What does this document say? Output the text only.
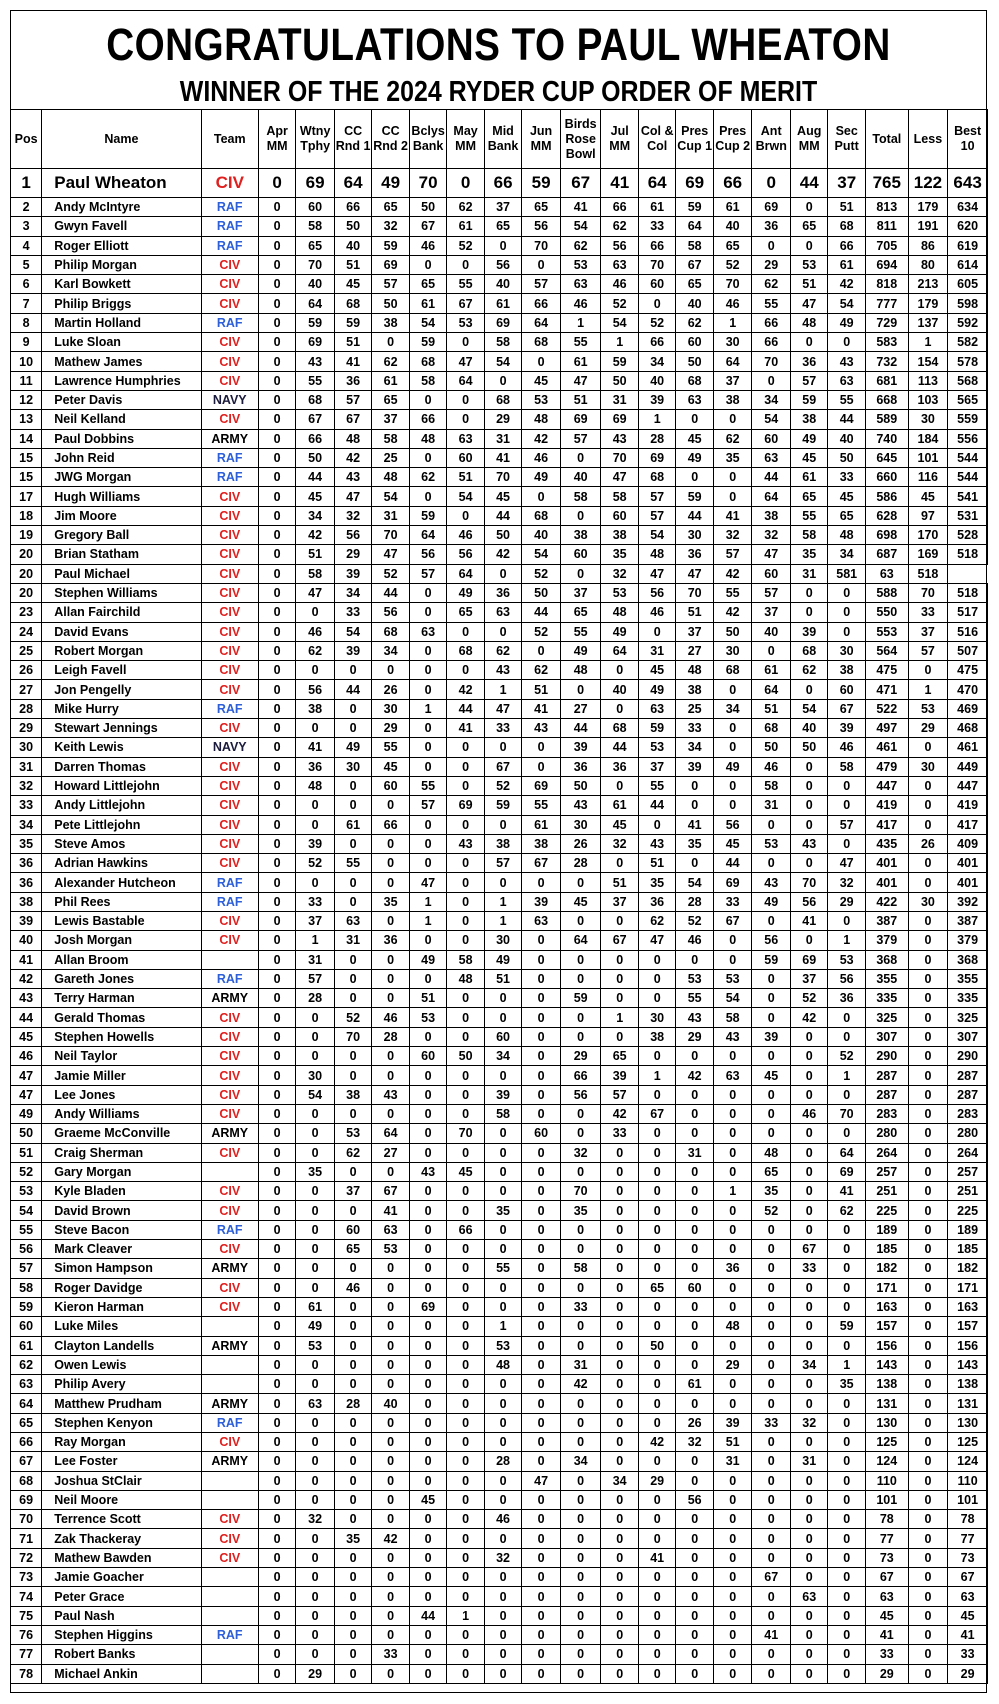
CONGRATULATIONS TO PAUL WHEATON
WINNER OF THE 2024 RYDER CUP ORDER OF MERIT
Pos	Name	Team	Apr MM	Wtny Tphy	CC Rnd 1	CC Rnd 2	Bclys Bank	May MM	Mid Bank	Jun MM	Birds Rose Bowl	Jul MM	Col & Col	Pres Cup 1	Pres Cup 2	Ant Brwn	Aug MM	Sec Putt	Total	Less	Best 10
1	Paul Wheaton	CIV	0	69	64	49	70	0	66	59	67	41	64	69	66	0	44	37	765	122	643
2	Andy McIntyre	RAF	0	60	66	65	50	62	37	65	41	66	61	59	61	69	0	51	813	179	634
3	Gwyn Favell	RAF	0	58	50	32	67	61	65	56	54	62	33	64	40	36	65	68	811	191	620
4	Roger Elliott	RAF	0	65	40	59	46	52	0	70	62	56	66	58	65	0	0	66	705	86	619
5	Philip Morgan	CIV	0	70	51	69	0	0	56	0	53	63	70	67	52	29	53	61	694	80	614
6	Karl Bowkett	CIV	0	40	45	57	65	55	40	57	63	46	60	65	70	62	51	42	818	213	605
7	Philip Briggs	CIV	0	64	68	50	61	67	61	66	46	52	0	40	46	55	47	54	777	179	598
8	Martin Holland	RAF	0	59	59	38	54	53	69	64	1	54	52	62	1	66	48	49	729	137	592
9	Luke Sloan	CIV	0	69	51	0	59	0	58	68	55	1	66	60	30	66	0	0	583	1	582
10	Mathew James	CIV	0	43	41	62	68	47	54	0	61	59	34	50	64	70	36	43	732	154	578
11	Lawrence Humphries	CIV	0	55	36	61	58	64	0	45	47	50	40	68	37	0	57	63	681	113	568
12	Peter Davis	NAVY	0	68	57	65	0	0	68	53	51	31	39	63	38	34	59	55	668	103	565
13	Neil Kelland	CIV	0	67	67	37	66	0	29	48	69	69	1	0	0	54	38	44	589	30	559
14	Paul Dobbins	ARMY	0	66	48	58	48	63	31	42	57	43	28	45	62	60	49	40	740	184	556
15	John Reid	RAF	0	50	42	25	0	60	41	46	0	70	69	49	35	63	45	50	645	101	544
15	JWG Morgan	RAF	0	44	43	48	62	51	70	49	40	47	68	0	0	44	61	33	660	116	544
17	Hugh Williams	CIV	0	45	47	54	0	54	45	0	58	58	57	59	0	64	65	45	586	45	541
18	Jim Moore	CIV	0	34	32	31	59	0	44	68	0	60	57	44	41	38	55	65	628	97	531
19	Gregory Ball	CIV	0	42	56	70	64	46	50	40	38	38	54	30	32	32	58	48	698	170	528
20	Brian Statham	CIV	0	51	29	47	56	56	42	54	60	35	48	36	57	47	35	34	687	169	518
20	Paul Michael	CIV	0	58	39	52	57	64	0	52	0	32	47	47	42	60	31	581	63	518	
20	Stephen Williams	CIV	0	47	34	44	0	49	36	50	37	53	56	70	55	57	0	0	588	70	518
23	Allan Fairchild	CIV	0	0	33	56	0	65	63	44	65	48	46	51	42	37	0	0	550	33	517
24	David Evans	CIV	0	46	54	68	63	0	0	52	55	49	0	37	50	40	39	0	553	37	516
25	Robert Morgan	CIV	0	62	39	34	0	68	62	0	49	64	31	27	30	0	68	30	564	57	507
26	Leigh Favell	CIV	0	0	0	0	0	0	43	62	48	0	45	48	68	61	62	38	475	0	475
27	Jon Pengelly	CIV	0	56	44	26	0	42	1	51	0	40	49	38	0	64	0	60	471	1	470
28	Mike Hurry	RAF	0	38	0	30	1	44	47	41	27	0	63	25	34	51	54	67	522	53	469
29	Stewart Jennings	CIV	0	0	0	29	0	41	33	43	44	68	59	33	0	68	40	39	497	29	468
30	Keith Lewis	NAVY	0	41	49	55	0	0	0	0	39	44	53	34	0	50	50	46	461	0	461
31	Darren Thomas	CIV	0	36	30	45	0	0	67	0	36	36	37	39	49	46	0	58	479	30	449
32	Howard Littlejohn	CIV	0	48	0	60	55	0	52	69	50	0	55	0	0	58	0	0	447	0	447
33	Andy Littlejohn	CIV	0	0	0	0	57	69	59	55	43	61	44	0	0	31	0	0	419	0	419
34	Pete Littlejohn	CIV	0	0	61	66	0	0	0	61	30	45	0	41	56	0	0	57	417	0	417
35	Steve Amos	CIV	0	39	0	0	0	43	38	38	26	32	43	35	45	53	43	0	435	26	409
36	Adrian Hawkins	CIV	0	52	55	0	0	0	57	67	28	0	51	0	44	0	0	47	401	0	401
36	Alexander Hutcheon	RAF	0	0	0	0	47	0	0	0	0	51	35	54	69	43	70	32	401	0	401
38	Phil Rees	RAF	0	33	0	35	1	0	1	39	45	37	36	28	33	49	56	29	422	30	392
39	Lewis Bastable	CIV	0	37	63	0	1	0	1	63	0	0	62	52	67	0	41	0	387	0	387
40	Josh Morgan	CIV	0	1	31	36	0	0	30	0	64	67	47	46	0	56	0	1	379	0	379
41	Allan Broom		0	31	0	0	49	58	49	0	0	0	0	0	0	59	69	53	368	0	368
42	Gareth Jones	RAF	0	57	0	0	0	48	51	0	0	0	0	53	53	0	37	56	355	0	355
43	Terry Harman	ARMY	0	28	0	0	51	0	0	0	59	0	0	55	54	0	52	36	335	0	335
44	Gerald Thomas	CIV	0	0	52	46	53	0	0	0	0	1	30	43	58	0	42	0	325	0	325
45	Stephen Howells	CIV	0	0	70	28	0	0	60	0	0	0	38	29	43	39	0	0	307	0	307
46	Neil Taylor	CIV	0	0	0	0	60	50	34	0	29	65	0	0	0	0	0	52	290	0	290
47	Jamie Miller	CIV	0	30	0	0	0	0	0	0	66	39	1	42	63	45	0	1	287	0	287
47	Lee Jones	CIV	0	54	38	43	0	0	39	0	56	57	0	0	0	0	0	0	287	0	287
49	Andy Williams	CIV	0	0	0	0	0	0	58	0	0	42	67	0	0	0	46	70	283	0	283
50	Graeme McConville	ARMY	0	0	53	64	0	70	0	60	0	33	0	0	0	0	0	0	280	0	280
51	Craig Sherman	CIV	0	0	62	27	0	0	0	0	32	0	0	31	0	48	0	64	264	0	264
52	Gary Morgan		0	35	0	0	43	45	0	0	0	0	0	0	0	65	0	69	257	0	257
53	Kyle Bladen	CIV	0	0	37	67	0	0	0	0	70	0	0	0	1	35	0	41	251	0	251
54	David Brown	CIV	0	0	0	41	0	0	35	0	35	0	0	0	0	52	0	62	225	0	225
55	Steve Bacon	RAF	0	0	60	63	0	66	0	0	0	0	0	0	0	0	0	0	189	0	189
56	Mark Cleaver	CIV	0	0	65	53	0	0	0	0	0	0	0	0	0	0	67	0	185	0	185
57	Simon Hampson	ARMY	0	0	0	0	0	0	55	0	58	0	0	0	36	0	33	0	182	0	182
58	Roger Davidge	CIV	0	0	46	0	0	0	0	0	0	0	65	60	0	0	0	0	171	0	171
59	Kieron Harman	CIV	0	61	0	0	69	0	0	0	33	0	0	0	0	0	0	0	163	0	163
60	Luke Miles		0	49	0	0	0	0	1	0	0	0	0	0	48	0	0	59	157	0	157
61	Clayton Landells	ARMY	0	53	0	0	0	0	53	0	0	0	50	0	0	0	0	0	156	0	156
62	Owen Lewis		0	0	0	0	0	0	48	0	31	0	0	0	29	0	34	1	143	0	143
63	Philip Avery		0	0	0	0	0	0	0	0	42	0	0	61	0	0	0	35	138	0	138
64	Matthew Prudham	ARMY	0	63	28	40	0	0	0	0	0	0	0	0	0	0	0	0	131	0	131
65	Stephen Kenyon	RAF	0	0	0	0	0	0	0	0	0	0	0	26	39	33	32	0	130	0	130
66	Ray Morgan	CIV	0	0	0	0	0	0	0	0	0	0	42	32	51	0	0	0	125	0	125
67	Lee Foster	ARMY	0	0	0	0	0	0	28	0	34	0	0	0	31	0	31	0	124	0	124
68	Joshua StClair		0	0	0	0	0	0	0	47	0	34	29	0	0	0	0	0	110	0	110
69	Neil Moore		0	0	0	0	45	0	0	0	0	0	0	56	0	0	0	0	101	0	101
70	Terrence Scott	CIV	0	32	0	0	0	0	46	0	0	0	0	0	0	0	0	0	78	0	78
71	Zak Thackeray	CIV	0	0	35	42	0	0	0	0	0	0	0	0	0	0	0	0	77	0	77
72	Mathew Bawden	CIV	0	0	0	0	0	0	32	0	0	0	41	0	0	0	0	0	73	0	73
73	Jamie Goacher		0	0	0	0	0	0	0	0	0	0	0	0	0	67	0	0	67	0	67
74	Peter Grace		0	0	0	0	0	0	0	0	0	0	0	0	0	0	63	0	63	0	63
75	Paul Nash		0	0	0	0	44	1	0	0	0	0	0	0	0	0	0	0	45	0	45
76	Stephen Higgins	RAF	0	0	0	0	0	0	0	0	0	0	0	0	0	41	0	0	41	0	41
77	Robert Banks		0	0	0	33	0	0	0	0	0	0	0	0	0	0	0	0	33	0	33
78	Michael Ankin		0	29	0	0	0	0	0	0	0	0	0	0	0	0	0	0	29	0	29
